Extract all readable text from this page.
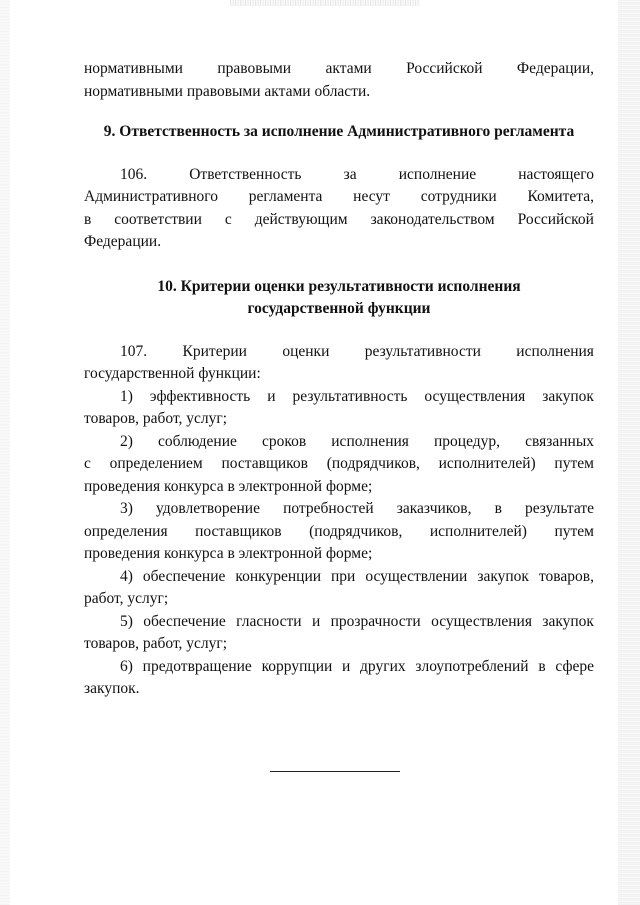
нормативными правовыми актами Российской Федерации,
нормативными правовыми актами области.
9. Ответственность за исполнение Административного регламента
106.	Ответственность	за	исполнение	настоящего
Административного регламента несут сотрудники Комитета,
в соответствии с действующим законодательством Российской
Федерации.
10. Критерии оценки результативности исполнения
государственной функции
107. Критерии оценки результативности исполнения
государственной функции:
1) эффективность и результативность осуществления закупок
товаров, работ, услуг;
2) соблюдение сроков исполнения процедур, связанных
с определением поставщиков (подрядчиков, исполнителей) путем
проведения конкурса в электронной форме;
3) удовлетворение потребностей заказчиков, в результате
определения поставщиков (подрядчиков, исполнителей) путем
проведения конкурса в электронной форме;
4) обеспечение конкуренции при осуществлении закупок товаров,
работ, услуг;
5) обеспечение гласности и прозрачности осуществления закупок
товаров, работ, услуг;
6) предотвращение коррупции и других злоупотреблений в сфере
закупок.
